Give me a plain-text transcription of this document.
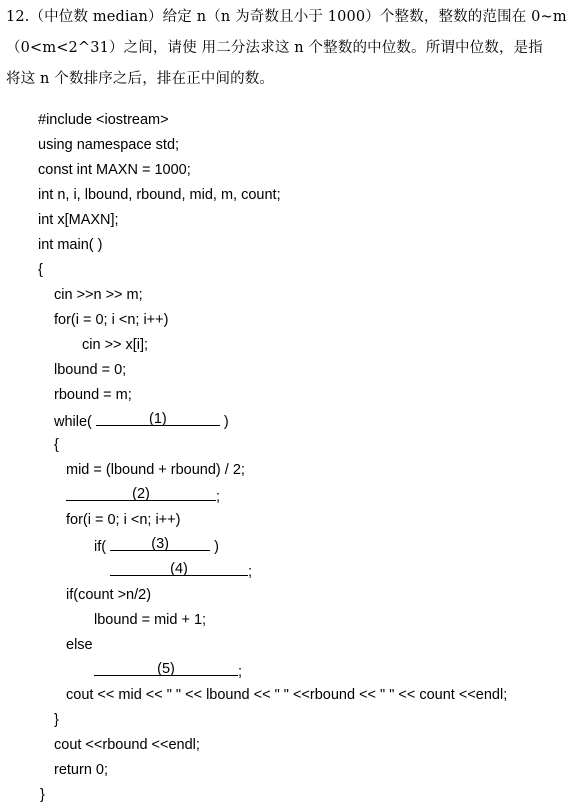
12.（中位数 median）给定 n（n 为奇数且小于 1000）个整数，整数的范围在 0~m
（0<m<2^31）之间，请使 用二分法求这 n 个整数的中位数。所谓中位数，是指
将这 n 个数排序之后，排在正中间的数。
#include <iostream>
using namespace std;
const int MAXN = 1000;
int n, i, lbound, rbound, mid, m, count;
int x[MAXN];
int main( )
{
cin >>n >> m;
for(i = 0; i <n; i++)
cin >> x[i];
lbound = 0;
rbound = m;
while(	(1)	)
{
mid = (lbound + rbound) / 2;
(2)	;
for(i = 0; i <n; i++)
if(	(3)	)
(4)	;
if(count >n/2)
lbound = mid + 1;
else
(5)	;
cout << mid << " " << lbound << " " <<rbound << " " << count <<endl;
}
cout <<rbound <<endl;
return 0;
}
